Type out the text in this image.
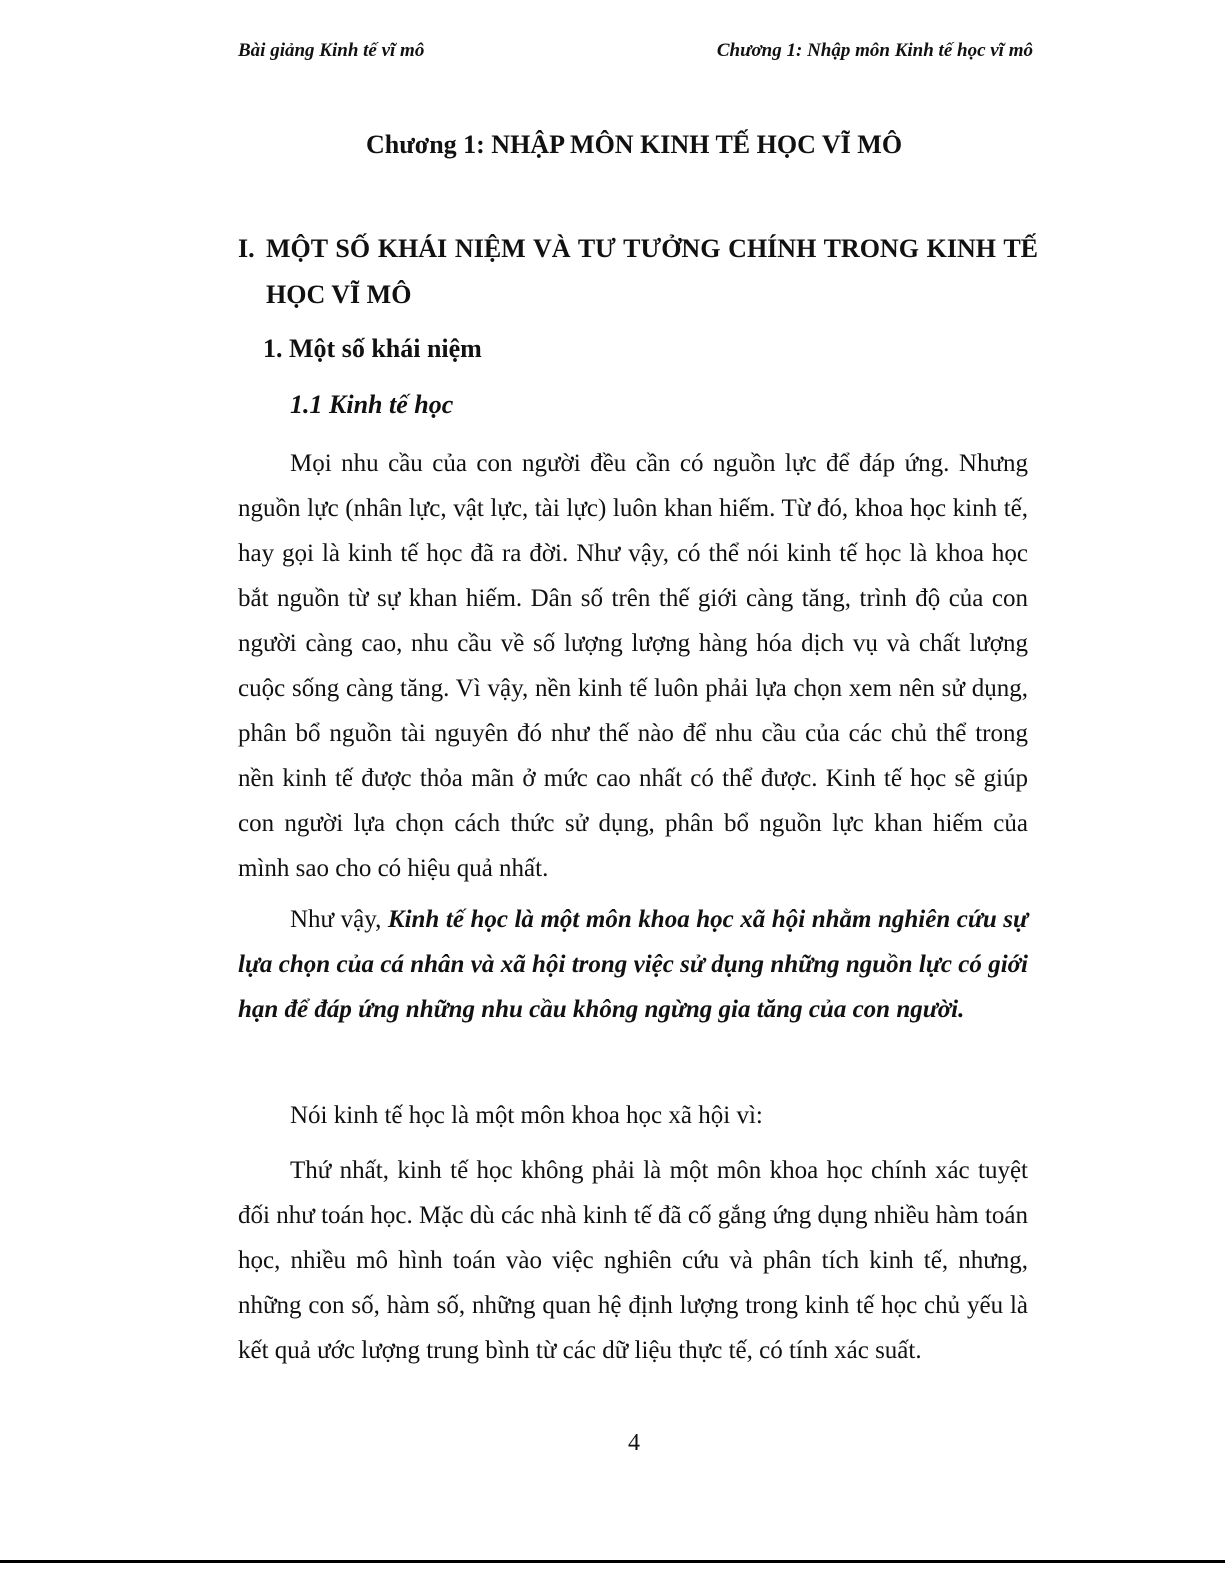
Bài giảng Kinh tế vĩ mô	Chương 1: Nhập môn Kinh tế học vĩ mô
Chương 1: NHẬP MÔN KINH TẾ HỌC VĨ MÔ
I. MỘT SỐ KHÁI NIỆM VÀ TƯ TƯỞNG CHÍNH TRONG KINH TẾ HỌC VĨ MÔ
1. Một số khái niệm
1.1 Kinh tế học

Mọi nhu cầu của con người đều cần có nguồn lực để đáp ứng. Nhưng nguồn lực (nhân lực, vật lực, tài lực) luôn khan hiếm. Từ đó, khoa học kinh tế, hay gọi là kinh tế học đã ra đời. Như vậy, có thể nói kinh tế học là khoa học bắt nguồn từ sự khan hiếm. Dân số trên thế giới càng tăng, trình độ của con người càng cao, nhu cầu về số lượng lượng hàng hóa dịch vụ và chất lượng cuộc sống càng tăng. Vì vậy, nền kinh tế luôn phải lựa chọn xem nên sử dụng, phân bổ nguồn tài nguyên đó như thế nào để nhu cầu của các chủ thể trong nền kinh tế được thỏa mãn ở mức cao nhất có thể được. Kinh tế học sẽ giúp con người lựa chọn cách thức sử dụng, phân bổ nguồn lực khan hiếm của mình sao cho có hiệu quả nhất.

Như vậy, Kinh tế học là một môn khoa học xã hội nhằm nghiên cứu sự lựa chọn của cá nhân và xã hội trong việc sử dụng những nguồn lực có giới hạn để đáp ứng những nhu cầu không ngừng gia tăng của con người.

Nói kinh tế học là một môn khoa học xã hội vì:

Thứ nhất, kinh tế học không phải là một môn khoa học chính xác tuyệt đối như toán học. Mặc dù các nhà kinh tế đã cố gắng ứng dụng nhiều hàm toán học, nhiều mô hình toán vào việc nghiên cứu và phân tích kinh tế, nhưng, những con số, hàm số, những quan hệ định lượng trong kinh tế học chủ yếu là kết quả ước lượng trung bình từ các dữ liệu thực tế, có tính xác suất.

4
